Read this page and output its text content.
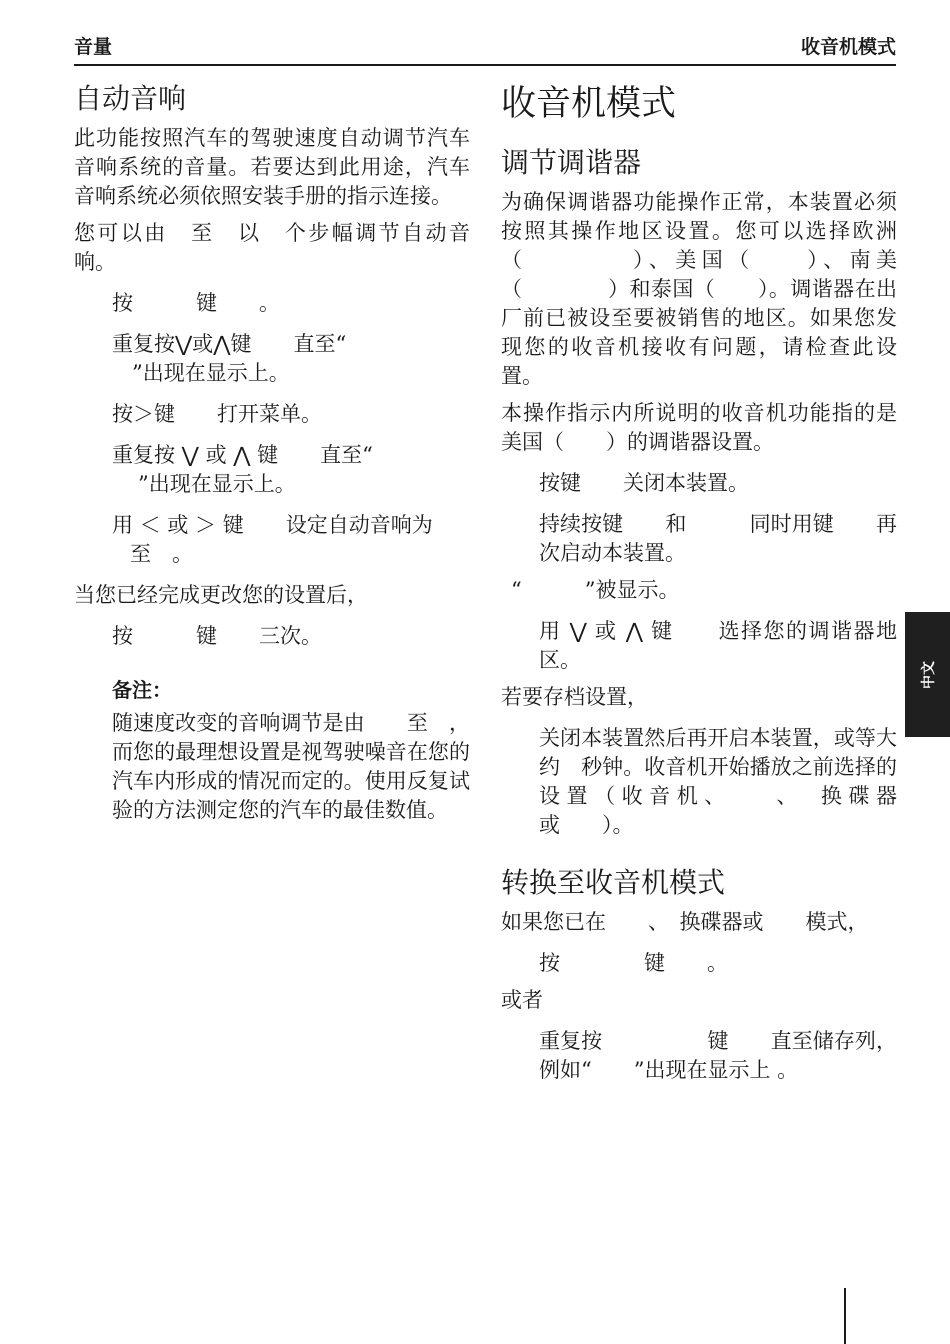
音量	收音机模式
自动音响

此功能按照汽车的驾驶速度自动调节汽车音响系统的音量。若要达到此用途，汽车音响系统必须依照安装手册的指示连接。

您可以由　至　以　个步幅调节自动音响。

按　　　键　　。

重复按⋁或⋀键　　直至“

”出现在显示上。

按＞键　　打开菜单。

重复按 ⋁ 或 ⋀ 键　　直至“

”出现在显示上。

用 ＜ 或 ＞ 键　　设定自动音响为

至　。

当您已经完成更改您的设置后，

按　　　键　　三次。

备注：

随速度改变的音响调节是由　　至　，而您的最理想设置是视驾驶噪音在您的汽车内形成的情况而定的。使用反复试验的方法测定您的汽车的最佳数值。

收音机模式
调节调谐器

为确保调谐器功能操作正常，本装置必须按照其操作地区设置。您可以选择欧洲（　　　　）、美国（　　）、南美（　　　　）和泰国（　　）。调谐器在出厂前已被设至要被销售的地区。如果您发现您的收音机接收有问题，请检查此设置。

本操作指示内所说明的收音机功能指的是美国（　　）的调谐器设置。

按键　　关闭本装置。

持续按键　　和　　　同时用键　　再次启动本装置。

“　　　”被显示。

用 ⋁ 或 ⋀ 键　　选择您的调谐器地区。

若要存档设置，

关闭本装置然后再开启本装置，或等大约　秒钟。收音机开始播放之前选择的设置（收音机、　　、　换碟器或　　）。

转换至收音机模式

如果您已在　　、　换碟器或　　模式，

按　　　　键　　。

或者

重复按　　　　　键　　直至储存列，例如“　　”出现在显示上 。

中文
